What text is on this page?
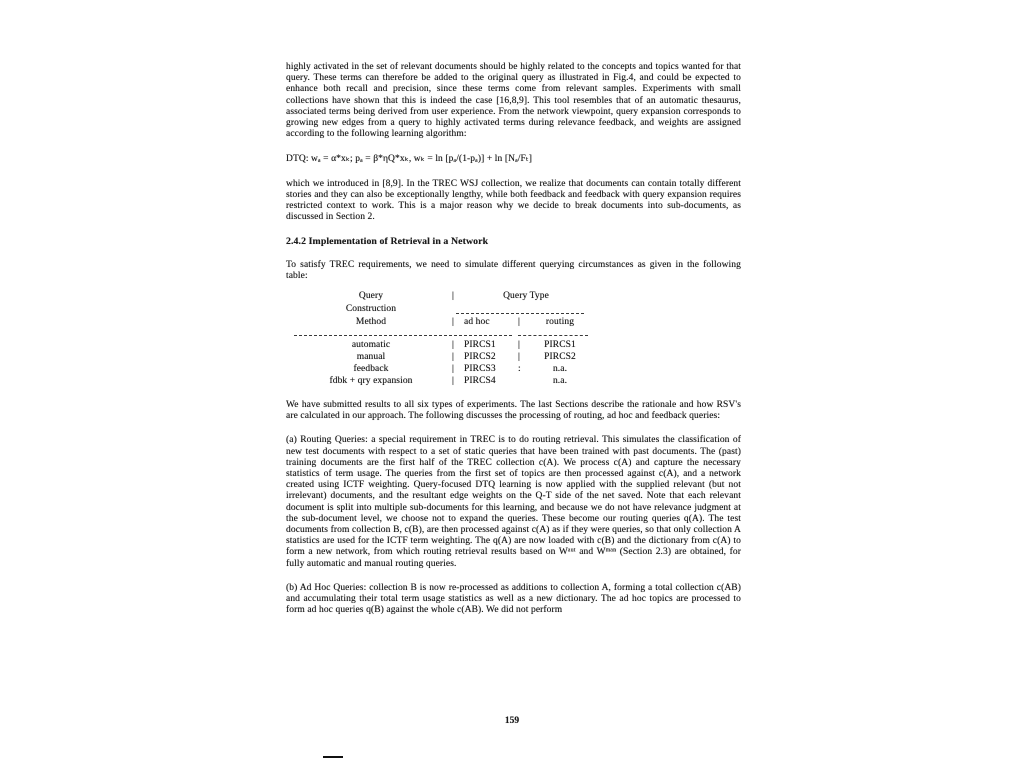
highly activated in the set of relevant documents should be highly related to the concepts and topics wanted for that query. These terms can therefore be added to the original query as illustrated in Fig.4, and could be expected to enhance both recall and precision, since these terms come from relevant samples. Experiments with small collections have shown that this is indeed the case [16,8,9]. This tool resembles that of an automatic thesaurus, associated terms being derived from user experience. From the network viewpoint, query expansion corresponds to growing new edges from a query to highly activated terms during relevance feedback, and weights are assigned according to the following learning algorithm:

DTQ: wₐ = α*xₖ; pₐ = β*ηQ*xₖ, wₖ = ln [pₐ/(1-pₐ)] + ln [Nₐ/Fₜ]

which we introduced in [8,9]. In the TREC WSJ collection, we realize that documents can contain totally different stories and they can also be exceptionally lengthy, while both feedback and feedback with query expansion requires restricted context to work. This is a major reason why we decide to break documents into sub-documents, as discussed in Section 2.

2.4.2 Implementation of Retrieval in a Network

To satisfy TREC requirements, we need to simulate different querying circumstances as given in the following table:

Query	|	Query Type
Construction
Method	| ad hoc	|	routing
automatic	| PIRCS1	|	PIRCS1
manual	| PIRCS2	|	PIRCS2
feedback	| PIRCS3	:	n.a.
fdbk + qry expansion	| PIRCS4	n.a.

We have submitted results to all six types of experiments. The last Sections describe the rationale and how RSV's are calculated in our approach. The following discusses the processing of routing, ad hoc and feedback queries:

(a) Routing Queries: a special requirement in TREC is to do routing retrieval. This simulates the classification of new test documents with respect to a set of static queries that have been trained with past documents. The (past) training documents are the first half of the TREC collection c(A). We process c(A) and capture the necessary statistics of term usage. The queries from the first set of topics are then processed against c(A), and a network created using ICTF weighting. Query-focused DTQ learning is now applied with the supplied relevant (but not irrelevant) documents, and the resultant edge weights on the Q-T side of the net saved. Note that each relevant document is split into multiple sub-documents for this learning, and because we do not have relevance judgment at the sub-document level, we choose not to expand the queries. These become our routing queries q(A). The test documents from collection B, c(B), are then processed against c(A) as if they were queries, so that only collection A statistics are used for the ICTF term weighting. The q(A) are now loaded with c(B) and the dictionary from c(A) to form a new network, from which routing retrieval results based on Wᵃᵘᵗ and Wᵐᵃⁿ (Section 2.3) are obtained, for fully automatic and manual routing queries.

(b) Ad Hoc Queries: collection B is now re-processed as additions to collection A, forming a total collection c(AB) and accumulating their total term usage statistics as well as a new dictionary. The ad hoc topics are processed to form ad hoc queries q(B) against the whole c(AB). We did not perform

159
